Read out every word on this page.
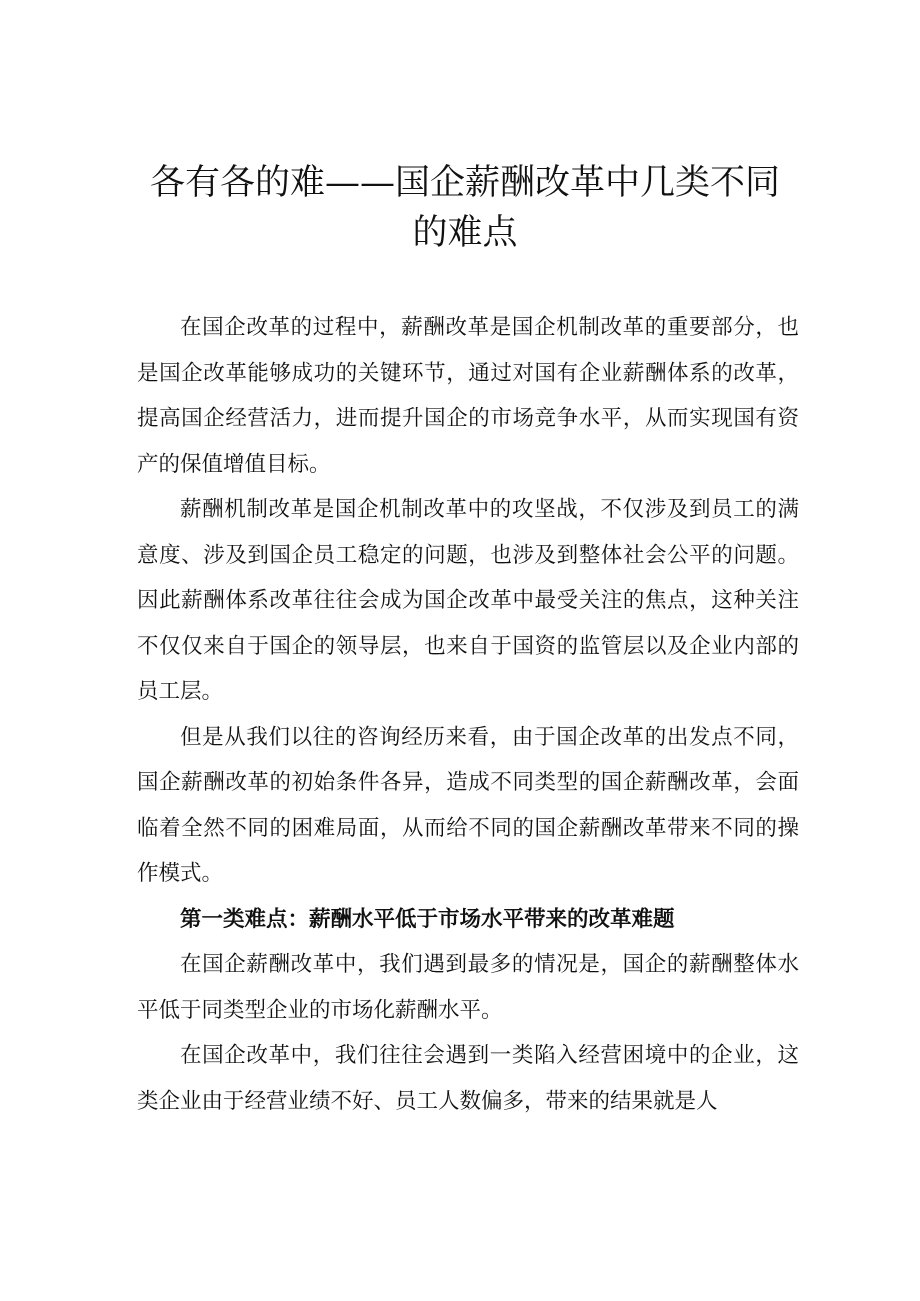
各有各的难——国企薪酬改革中几类不同
的难点

在国企改革的过程中，薪酬改革是国企机制改革的重要部分，也是国企改革能够成功的关键环节，通过对国有企业薪酬体系的改革，提高国企经营活力，进而提升国企的市场竞争水平，从而实现国有资产的保值增值目标。

薪酬机制改革是国企机制改革中的攻坚战，不仅涉及到员工的满意度、涉及到国企员工稳定的问题，也涉及到整体社会公平的问题。因此薪酬体系改革往往会成为国企改革中最受关注的焦点，这种关注不仅仅来自于国企的领导层，也来自于国资的监管层以及企业内部的员工层。

但是从我们以往的咨询经历来看，由于国企改革的出发点不同，国企薪酬改革的初始条件各异，造成不同类型的国企薪酬改革，会面临着全然不同的困难局面，从而给不同的国企薪酬改革带来不同的操作模式。

第一类难点：薪酬水平低于市场水平带来的改革难题

在国企薪酬改革中，我们遇到最多的情况是，国企的薪酬整体水平低于同类型企业的市场化薪酬水平。

在国企改革中，我们往往会遇到一类陷入经营困境中的企业，这类企业由于经营业绩不好、员工人数偏多，带来的结果就是人
